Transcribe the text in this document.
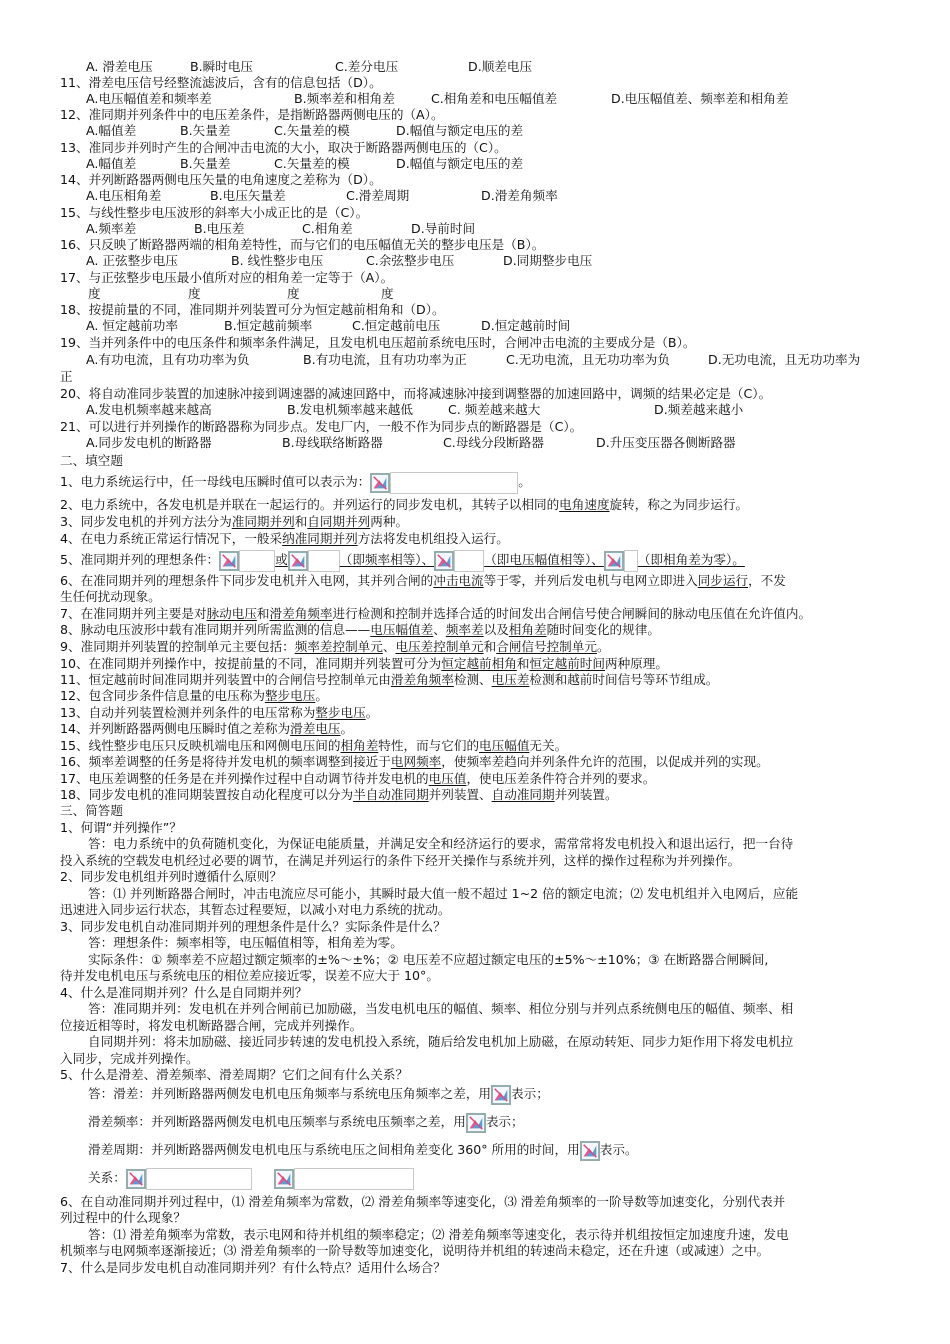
A. 滑差电压	B.瞬时电压	C.差分电压	D.顺差电压
11、滑差电压信号经整流滤波后，含有的信息包括（D）。
A.电压幅值差和频率差	B.频率差和相角差	C.相角差和电压幅值差	D.电压幅值差、频率差和相角差
12、准同期并列条件中的电压差条件，是指断路器两侧电压的（A）。
A.幅值差	B.矢量差	C.矢量差的模	D.幅值与额定电压的差
13、准同步并列时产生的合闸冲击电流的大小，取决于断路器两侧电压的（C）。
A.幅值差	B.矢量差	C.矢量差的模	D.幅值与额定电压的差
14、并列断路器两侧电压矢量的电角速度之差称为（D）。
A.电压相角差	B.电压矢量差	C.滑差周期	D.滑差角频率
15、与线性整步电压波形的斜率大小成正比的是（C）。
A.频率差	B.电压差	C.相角差	D.导前时间
16、只反映了断路器两端的相角差特性，而与它们的电压幅值无关的整步电压是（B）。
A. 正弦整步电压	B. 线性整步电压	C.余弦整步电压	D.同期整步电压
17、与正弦整步电压最小值所对应的相角差一定等于（A）。
度	度	度	度
18、按提前量的不同，准同期并列装置可分为恒定越前相角和（D）。
A. 恒定越前功率	B.恒定越前频率	C.恒定越前电压	D.恒定越前时间
19、当并列条件中的电压条件和频率条件满足，且发电机电压超前系统电压时，合闸冲击电流的主要成分是（B）。
A.有功电流，且有功功率为负	B.有功电流，且有功功率为正	C.无功电流，且无功功率为负	D.无功电流，且无功功率为
正
20、将自动准同步装置的加速脉冲接到调速器的减速回路中，而将减速脉冲接到调整器的加速回路中，调频的结果必定是（C）。
A.发电机频率越来越高	B.发电机频率越来越低	C. 频差越来越大	D.频差越来越小
21、可以进行并列操作的断路器称为同步点。发电厂内，一般不作为同步点的断路器是（C）。
A.同步发电机的断路器	B.母线联络断路器	C.母线分段断路器	D.升压变压器各侧断路器
二、填空题
1、电力系统运行中，任一母线电压瞬时值可以表示为：	。
2、电力系统中，各发电机是并联在一起运行的。并列运行的同步发电机，其转子以相同的电角速度旋转，称之为同步运行。
3、同步发电机的并列方法分为准同期并列和自同期并列两种。
4、在电力系统正常运行情况下，一般采纳准同期并列方法将发电机组投入运行。
5、准同期并列的理想条件：	或	（即频率相等）、	（即电压幅值相等）、	（即相角差为零）。
6、在准同期并列的理想条件下同步发电机并入电网，其并列合闸的冲击电流等于零，并列后发电机与电网立即进入同步运行，不发
生任何扰动现象。
7、在准同期并列主要是对脉动电压和滑差角频率进行检测和控制并选择合适的时间发出合闸信号使合闸瞬间的脉动电压值在允许值内。
8、脉动电压波形中载有准同期并列所需监测的信息——电压幅值差、频率差以及相角差随时间变化的规律。
9、准同期并列装置的控制单元主要包括：频率差控制单元、电压差控制单元和合闸信号控制单元。
10、在准同期并列操作中，按提前量的不同，准同期并列装置可分为恒定越前相角和恒定越前时间两种原理。
11、恒定越前时间准同期并列装置中的合闸信号控制单元由滑差角频率检测、电压差检测和越前时间信号等环节组成。
12、包含同步条件信息量的电压称为整步电压。
13、自动并列装置检测并列条件的电压常称为整步电压。
14、并列断路器两侧电压瞬时值之差称为滑差电压。
15、线性整步电压只反映机端电压和网侧电压间的相角差特性，而与它们的电压幅值无关。
16、频率差调整的任务是将待并发电机的频率调整到接近于电网频率，使频率差趋向并列条件允许的范围，以促成并列的实现。
17、电压差调整的任务是在并列操作过程中自动调节待并发电机的电压值，使电压差条件符合并列的要求。
18、同步发电机的准同期装置按自动化程度可以分为半自动准同期并列装置、自动准同期并列装置。
三、简答题
1、何谓“并列操作”？
答：电力系统中的负荷随机变化，为保证电能质量，并满足安全和经济运行的要求，需常常将发电机投入和退出运行，把一台待
投入系统的空载发电机经过必要的调节，在满足并列运行的条件下经开关操作与系统并列，这样的操作过程称为并列操作。
2、同步发电机组并列时遵循什么原则？
答：⑴ 并列断路器合闸时，冲击电流应尽可能小，其瞬时最大值一般不超过 1~2 倍的额定电流；⑵ 发电机组并入电网后，应能
迅速进入同步运行状态，其暂态过程要短，以减小对电力系统的扰动。
3、同步发电机自动准同期并列的理想条件是什么？实际条件是什么？
答：理想条件：频率相等，电压幅值相等，相角差为零。
实际条件：① 频率差不应超过额定频率的±%～±%；② 电压差不应超过额定电压的±5%～±10%；③ 在断路器合闸瞬间,
待并发电机电压与系统电压的相位差应接近零，误差不应大于 10°。
4、什么是准同期并列？什么是自同期并列？
答：准同期并列：发电机在并列合闸前已加励磁，当发电机电压的幅值、频率、相位分别与并列点系统侧电压的幅值、频率、相
位接近相等时，将发电机断路器合闸，完成并列操作。
自同期并列：将未加励磁、接近同步转速的发电机投入系统，随后给发电机加上励磁，在原动转矩、同步力矩作用下将发电机拉
入同步，完成并列操作。
5、什么是滑差、滑差频率、滑差周期？它们之间有什么关系？
答：滑差：并列断路器两侧发电机电压角频率与系统电压角频率之差，用 表示；
滑差频率：并列断路器两侧发电机电压频率与系统电压频率之差，用 表示；
滑差周期：并列断路器两侧发电机电压与系统电压之间相角差变化 360° 所用的时间，用 表示。
关系：
6、在自动准同期并列过程中，⑴ 滑差角频率为常数，⑵ 滑差角频率等速变化，⑶ 滑差角频率的一阶导数等加速变化，分别代表并
列过程中的什么现象？
答：⑴ 滑差角频率为常数，表示电网和待并机组的频率稳定；⑵ 滑差角频率等速变化，表示待并机组按恒定加速度升速，发电
机频率与电网频率逐渐接近；⑶ 滑差角频率的一阶导数等加速变化，说明待并机组的转速尚未稳定，还在升速（或减速）之中。
7、什么是同步发电机自动准同期并列？有什么特点？适用什么场合？
